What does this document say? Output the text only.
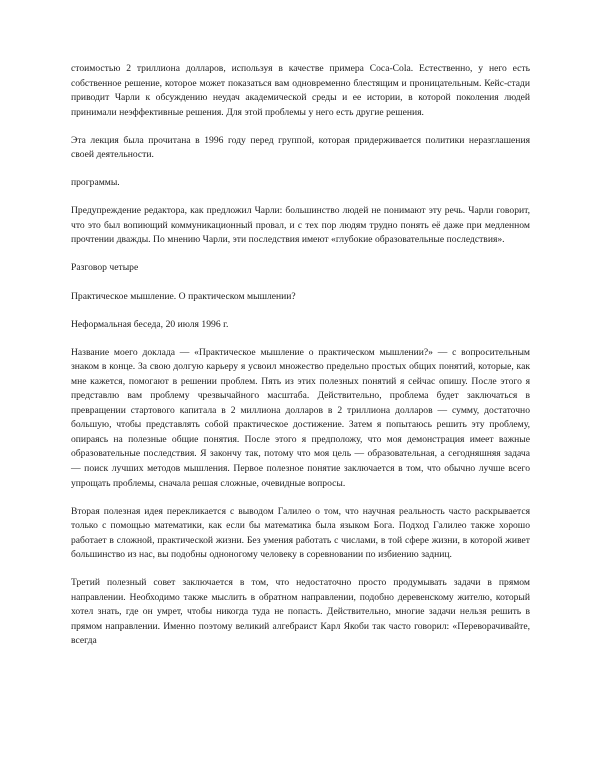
стоимостью 2 триллиона долларов, используя в качестве примера Coca-Cola. Естественно, у него есть собственное решение, которое может показаться вам одновременно блестящим и проницательным. Кейс-стади приводит Чарли к обсуждению неудач академической среды и ее истории, в которой поколения людей принимали неэффективные решения. Для этой проблемы у него есть другие решения.

Эта лекция была прочитана в 1996 году перед группой, которая придерживается политики неразглашения своей деятельности.

программы.

Предупреждение редактора, как предложил Чарли: большинство людей не понимают эту речь. Чарли говорит, что это был вопиющий коммуникационный провал, и с тех пор людям трудно понять её даже при медленном прочтении дважды. По мнению Чарли, эти последствия имеют «глубокие образовательные последствия».

Разговор четыре

Практическое мышление. О практическом мышлении?

Неформальная беседа, 20 июля 1996 г.

Название моего доклада — «Практическое мышление о практическом мышлении?» — с вопросительным знаком в конце. За свою долгую карьеру я усвоил множество предельно простых общих понятий, которые, как мне кажется, помогают в решении проблем. Пять из этих полезных понятий я сейчас опишу. После этого я представлю вам проблему чрезвычайного масштаба. Действительно, проблема будет заключаться в превращении стартового капитала в 2 миллиона долларов в 2 триллиона долларов — сумму, достаточно большую, чтобы представлять собой практическое достижение. Затем я попытаюсь решить эту проблему, опираясь на полезные общие понятия. После этого я предположу, что моя демонстрация имеет важные образовательные последствия. Я закончу так, потому что моя цель — образовательная, а сегодняшняя задача — поиск лучших методов мышления. Первое полезное понятие заключается в том, что обычно лучше всего упрощать проблемы, сначала решая сложные, очевидные вопросы.

Вторая полезная идея перекликается с выводом Галилео о том, что научная реальность часто раскрывается только с помощью математики, как если бы математика была языком Бога. Подход Галилео также хорошо работает в сложной, практической жизни. Без умения работать с числами, в той сфере жизни, в которой живет большинство из нас, вы подобны одноногому человеку в соревновании по избиению задниц.

Третий полезный совет заключается в том, что недостаточно просто продумывать задачи в прямом направлении. Необходимо также мыслить в обратном направлении, подобно деревенскому жителю, который хотел знать, где он умрет, чтобы никогда туда не попасть. Действительно, многие задачи нельзя решить в прямом направлении. Именно поэтому великий алгебраист Карл Якоби так часто говорил: «Переворачивайте, всегда
